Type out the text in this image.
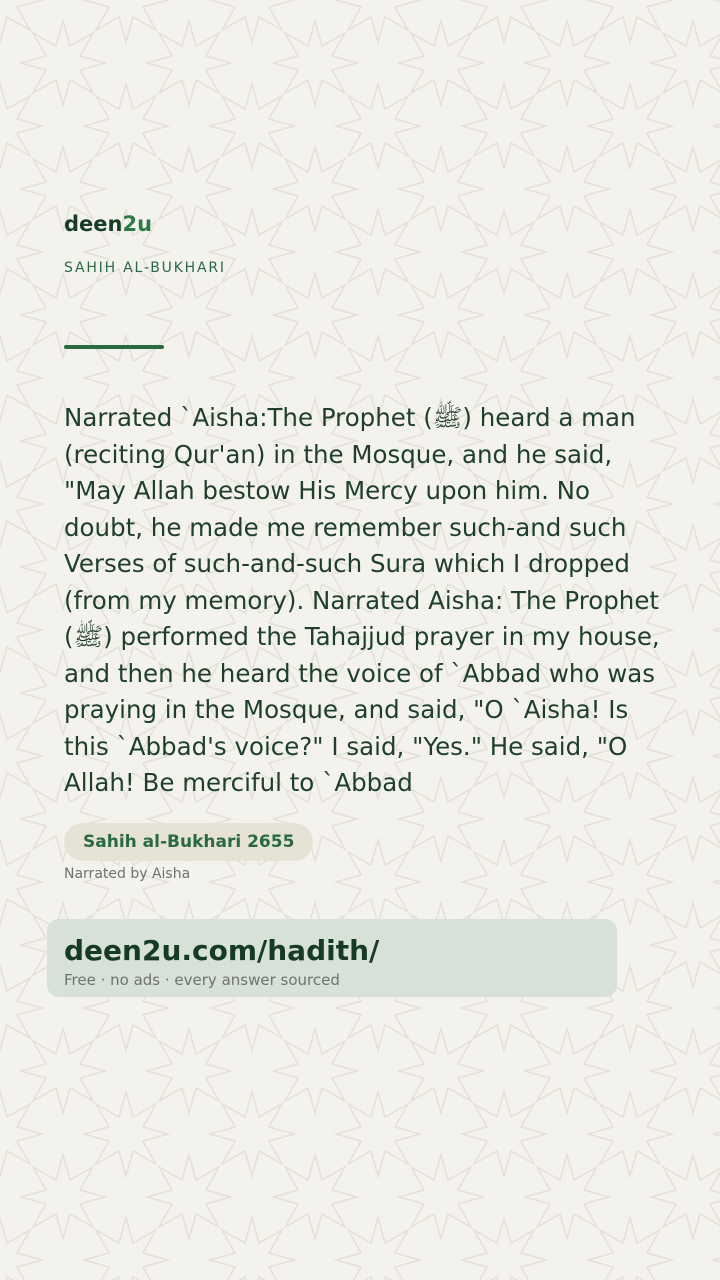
deen2u
SAHIH AL-BUKHARI

Narrated `Aisha:The Prophet (ﷺ) heard a man (reciting Qur'an) in the Mosque, and he said, "May Allah bestow His Mercy upon him. No doubt, he made me remember such-and such Verses of such-and-such Sura which I dropped (from my memory). Narrated Aisha: The Prophet (ﷺ) performed the Tahajjud prayer in my house, and then he heard the voice of `Abbad who was praying in the Mosque, and said, "O `Aisha! Is this `Abbad's voice?" I said, "Yes." He said, "O Allah! Be merciful to `Abbad

Sahih al-Bukhari 2655
Narrated by Aisha
deen2u.com/hadith/
Free · no ads · every answer sourced
